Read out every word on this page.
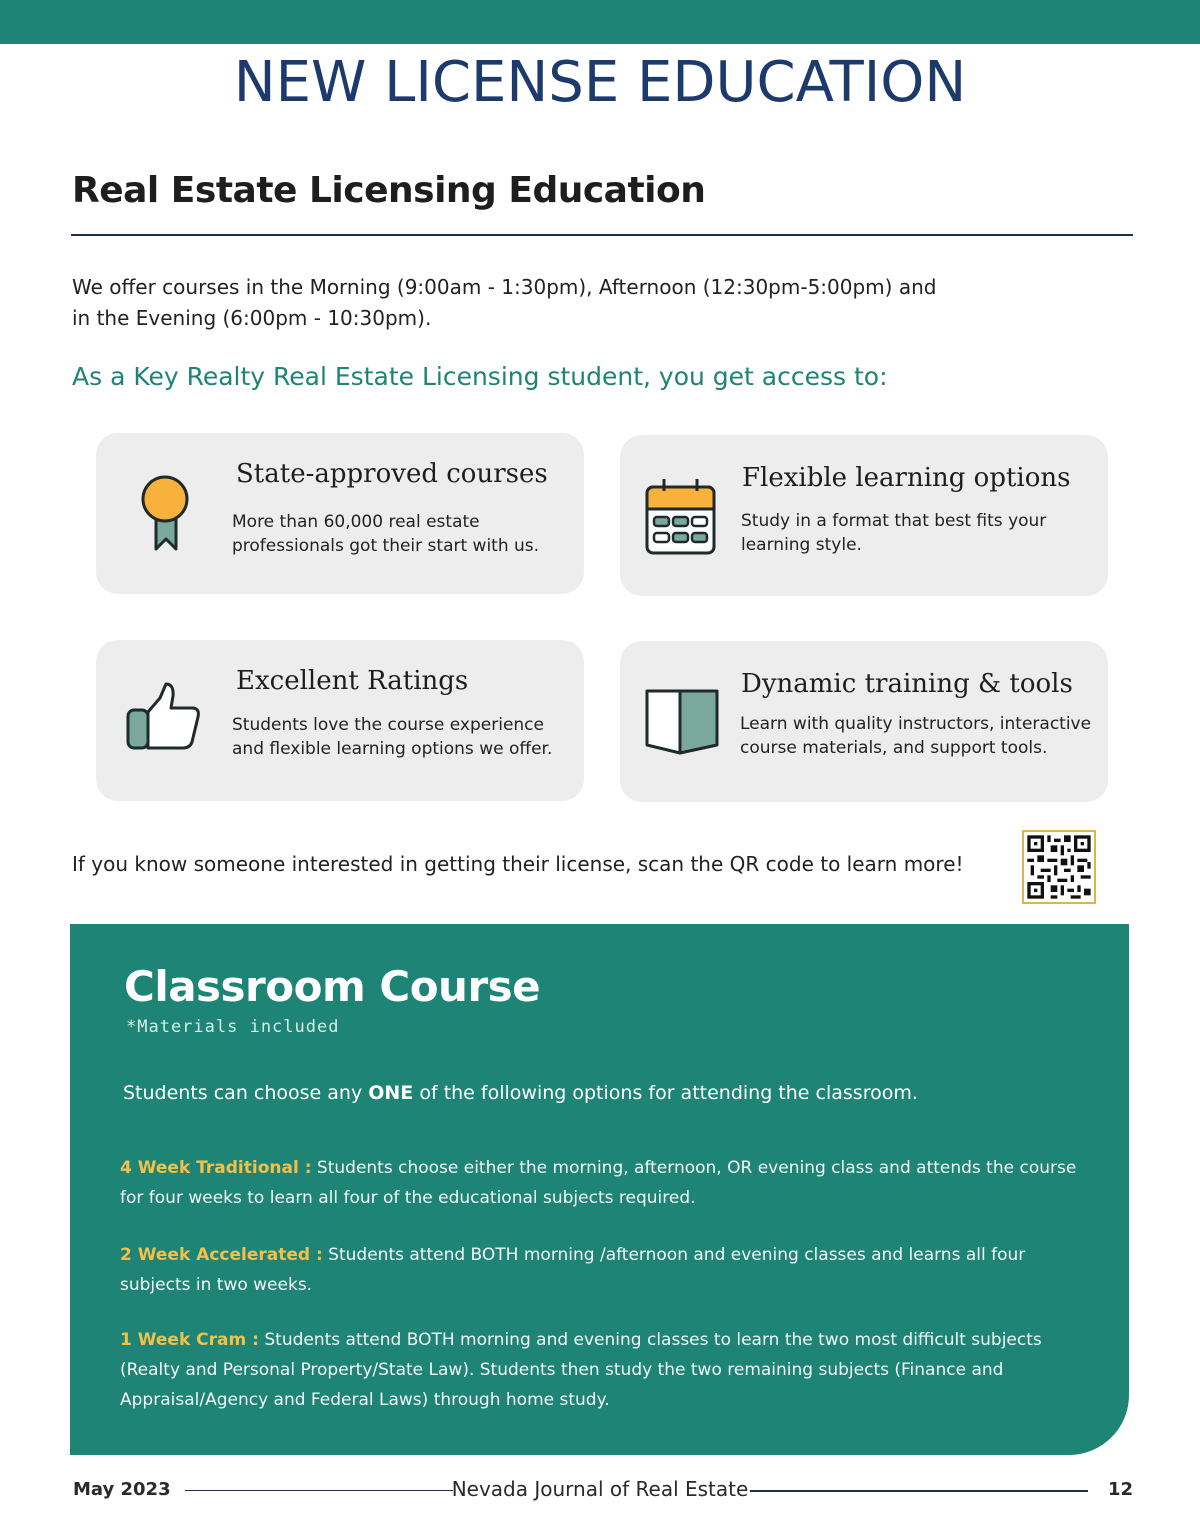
NEW LICENSE EDUCATION
Real Estate Licensing Education
We offer courses in the Morning (9:00am - 1:30pm), Afternoon (12:30pm-5:00pm) and
in the Evening (6:00pm - 10:30pm).
As a Key Realty Real Estate Licensing student, you get access to:
State-approved courses
More than 60,000 real estate
professionals got their start with us.
Flexible learning options
Study in a format that best fits your
learning style.
Excellent Ratings
Students love the course experience
and flexible learning options we offer.
Dynamic training & tools
Learn with quality instructors, interactive
course materials, and support tools.
If you know someone interested in getting their license, scan the QR code to learn more!
Classroom Course
*Materials included
Students can choose any ONE of the following options for attending the classroom.
4 Week Traditional : Students choose either the morning, afternoon, OR evening class and attends the course for four weeks to learn all four of the educational subjects required.
2 Week Accelerated : Students attend BOTH morning /afternoon and evening classes and learns all four subjects in two weeks.
1 Week Cram : Students attend BOTH morning and evening classes to learn the two most difficult subjects (Realty and Personal Property/State Law). Students then study the two remaining subjects (Finance and Appraisal/Agency and Federal Laws) through home study.
May 2023	Nevada Journal of Real Estate	12
